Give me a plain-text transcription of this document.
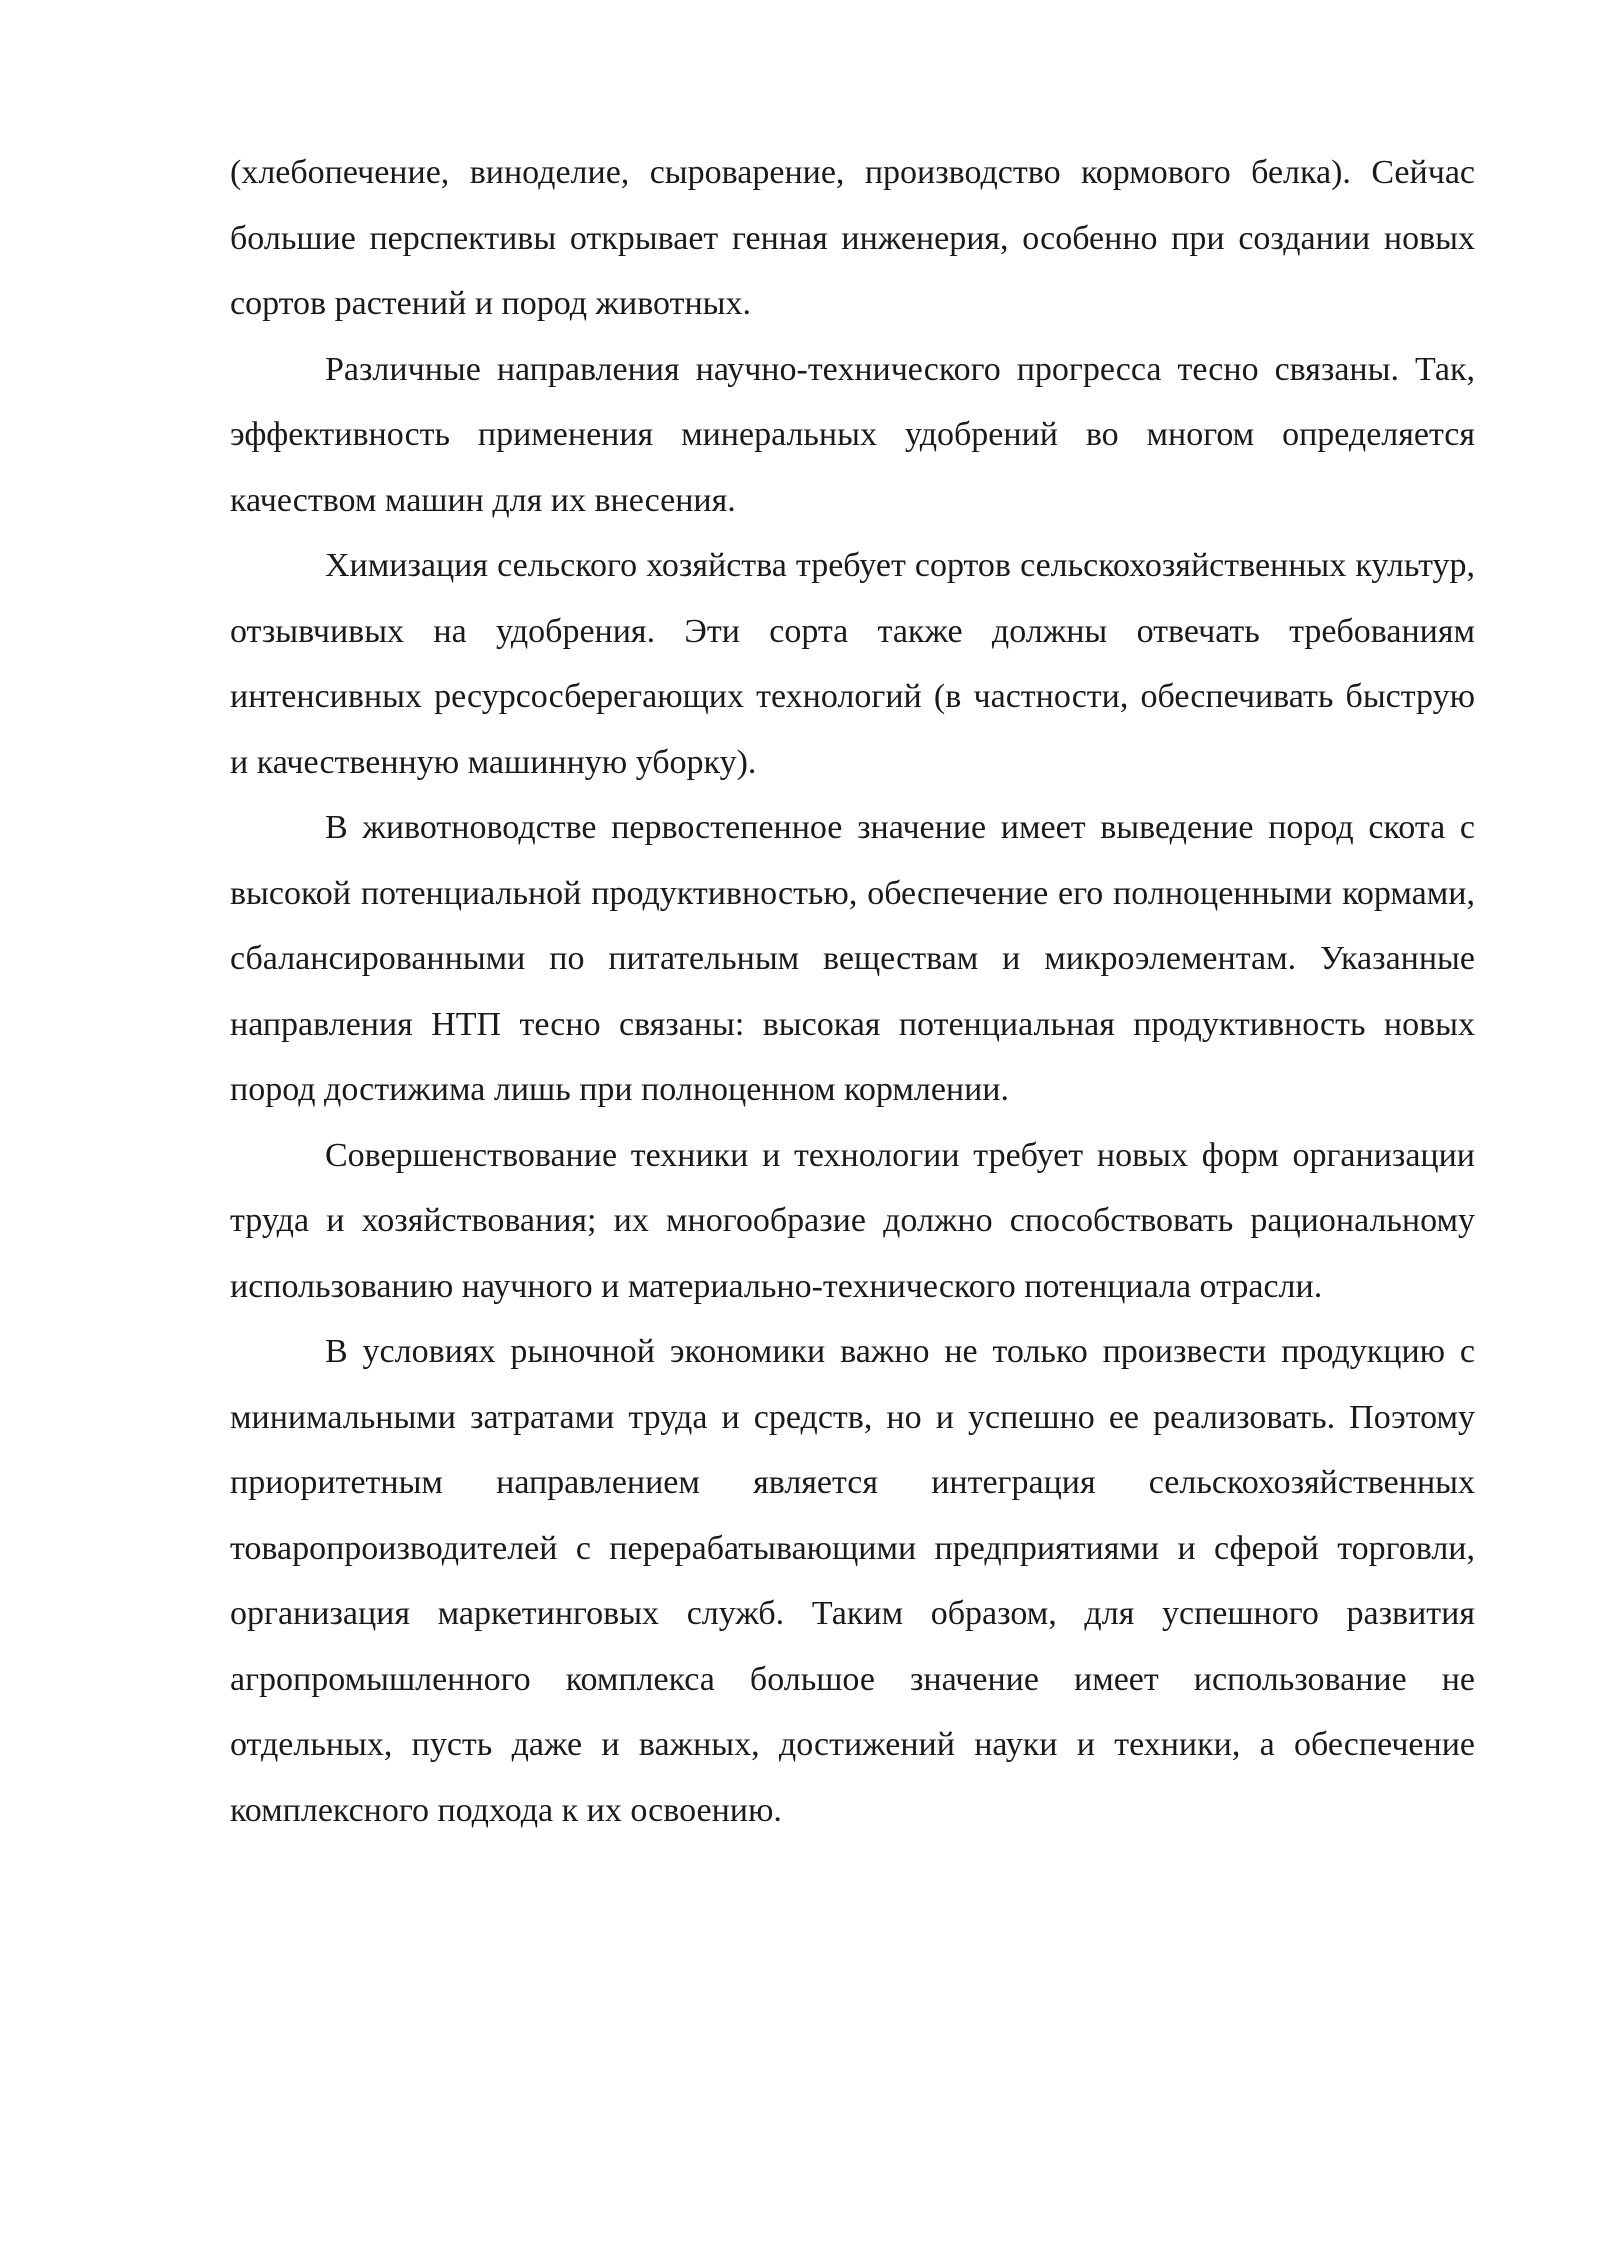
(хлебопечение, виноделие, сыроварение, производство кормового белка). Сейчас большие перспективы открывает генная инженерия, особенно при создании новых сортов растений и пород животных.

Различные направления научно-технического прогресса тесно связаны. Так, эффективность применения минеральных удобрений во многом определяется качеством машин для их внесения.

Химизация сельского хозяйства требует сортов сельскохозяйственных культур, отзывчивых на удобрения. Эти сорта также должны отвечать требованиям интенсивных ресурсосберегающих технологий (в частности, обеспечивать быструю и качественную машинную уборку).

В животноводстве первостепенное значение имеет выведение пород скота с высокой потенциальной продуктивностью, обеспечение его полноценными кормами, сбалансированными по питательным веществам и микроэлементам. Указанные направления НТП тесно связаны: высокая потенциальная продуктивность новых пород достижима лишь при полноценном кормлении.

Совершенствование техники и технологии требует новых форм организации труда и хозяйствования; их многообразие должно способствовать рациональному использованию научного и материально-технического потенциала отрасли.

В условиях рыночной экономики важно не только произвести продукцию с минимальными затратами труда и средств, но и успешно ее реализовать. Поэтому приоритетным направлением является интеграция сельскохозяйственных товаропроизводителей с перерабатывающими предприятиями и сферой торговли, организация маркетинговых служб. Таким образом, для успешного развития агропромышленного комплекса большое значение имеет использование не отдельных, пусть даже и важных, достижений науки и техники, а обеспечение комплексного подхода к их освоению.
